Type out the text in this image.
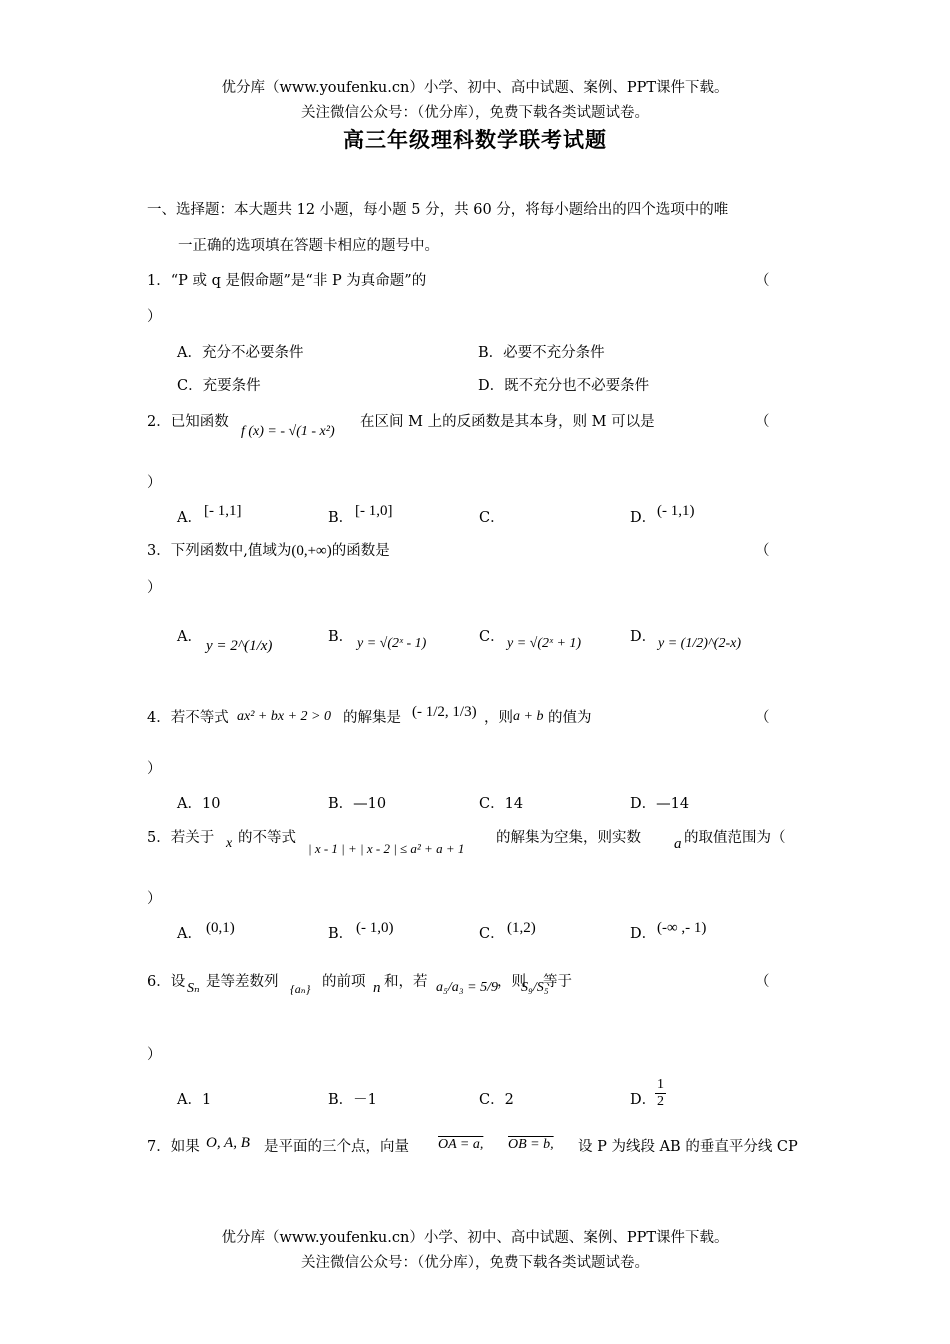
优分库（www.youfenku.cn）小学、初中、高中试题、案例、PPT课件下载。
关注微信公众号：（优分库），免费下载各类试题试卷。
高三年级理科数学联考试题
一、选择题：本大题共 12 小题，每小题 5 分，共 60 分，将每小题给出的四个选项中的唯
一正确的选项填在答题卡相应的题号中。
1．“P 或 q 是假命题”是“非 P 为真命题”的	（
）
A．充分不必要条件	B．必要不充分条件
C．充要条件	D．既不充分也不必要条件
2．已知函数
f (x) = - √(1 - x²)
在区间 M 上的反函数是其本身，则 M 可以是	（
）
A． [- 1,1]	B． [- 1,0]	C．	D． (- 1,1)
3．下列函数中,值域为(0,+∞)的函数是	（
）
A．
y = 2^(1/x)
B． y = √(2ˣ - 1)	C． y = √(2ˣ + 1)	D． y = (1/2)^(2-x)
4．若不等式 ax² + bx + 2 > 0 的解集是 (- 1/2, 1/3) ，则 a + b 的值为	（
）
A．10	B．—10	C．14	D．—14
5．若关于 x 的不等式
| x - 1 | + | x - 2 | ≤ a² + a + 1
的解集为空集，则实数 a 的取值范围为（
）
A． (0,1)	B． (- 1,0)	C． (1,2)	D． (-∞ ,- 1)
6．设 Sₙ 是等差数列 {aₙ} 的前项 n 和，若 a₅/a₃ = 5/9 ，则
S₉/S₅
等于	（
）
A．1	B．－1	C．2	D．
$\frac{1}{2}$
7．如果 O, A, B 是平面的三个点，向量 OA = a, OB = b, 设 P 为线段 AB 的垂直平分线 CP
优分库（www.youfenku.cn）小学、初中、高中试题、案例、PPT课件下载。
关注微信公众号：（优分库），免费下载各类试题试卷。
